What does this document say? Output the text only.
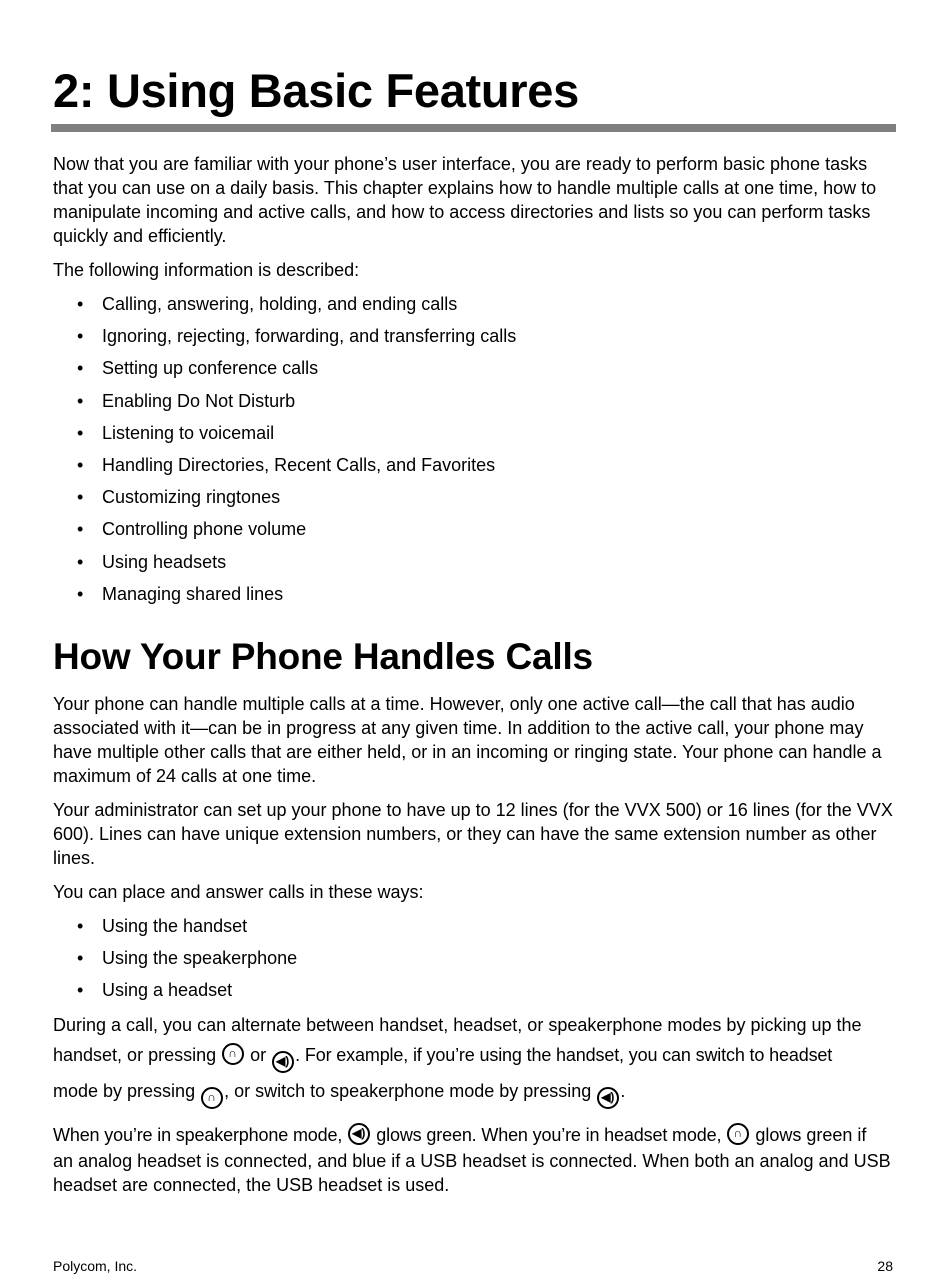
2: Using Basic Features

Now that you are familiar with your phone’s user interface, you are ready to perform basic phone tasks that you can use on a daily basis. This chapter explains how to handle multiple calls at one time, how to manipulate incoming and active calls, and how to access directories and lists so you can perform tasks quickly and efficiently.

The following information is described:

• Calling, answering, holding, and ending calls
• Ignoring, rejecting, forwarding, and transferring calls
• Setting up conference calls
• Enabling Do Not Disturb
• Listening to voicemail
• Handling Directories, Recent Calls, and Favorites
• Customizing ringtones
• Controlling phone volume
• Using headsets
• Managing shared lines
How Your Phone Handles Calls

Your phone can handle multiple calls at a time. However, only one active call—the call that has audio associated with it—can be in progress at any given time. In addition to the active call, your phone may have multiple other calls that are either held, or in an incoming or ringing state. Your phone can handle a maximum of 24 calls at one time.

Your administrator can set up your phone to have up to 12 lines (for the VVX 500) or 16 lines (for the VVX 600). Lines can have unique extension numbers, or they can have the same extension number as other lines.

You can place and answer calls in these ways:

• Using the handset
• Using the speakerphone
• Using a headset
During a call, you can alternate between handset, headset, or speakerphone modes by picking up the
handset, or pressing	∩ or ◀) . For example, if you’re using the handset, you can switch to headset
mode by pressing	∩ , or switch to speakerphone mode by pressing ◀) .
When you’re in speakerphone mode, ◀) glows green. When you’re in headset mode,	∩ glows green if
an analog headset is connected, and blue if a USB headset is connected. When both an analog and USB headset are connected, the USB headset is used.
Polycom, Inc.	28
